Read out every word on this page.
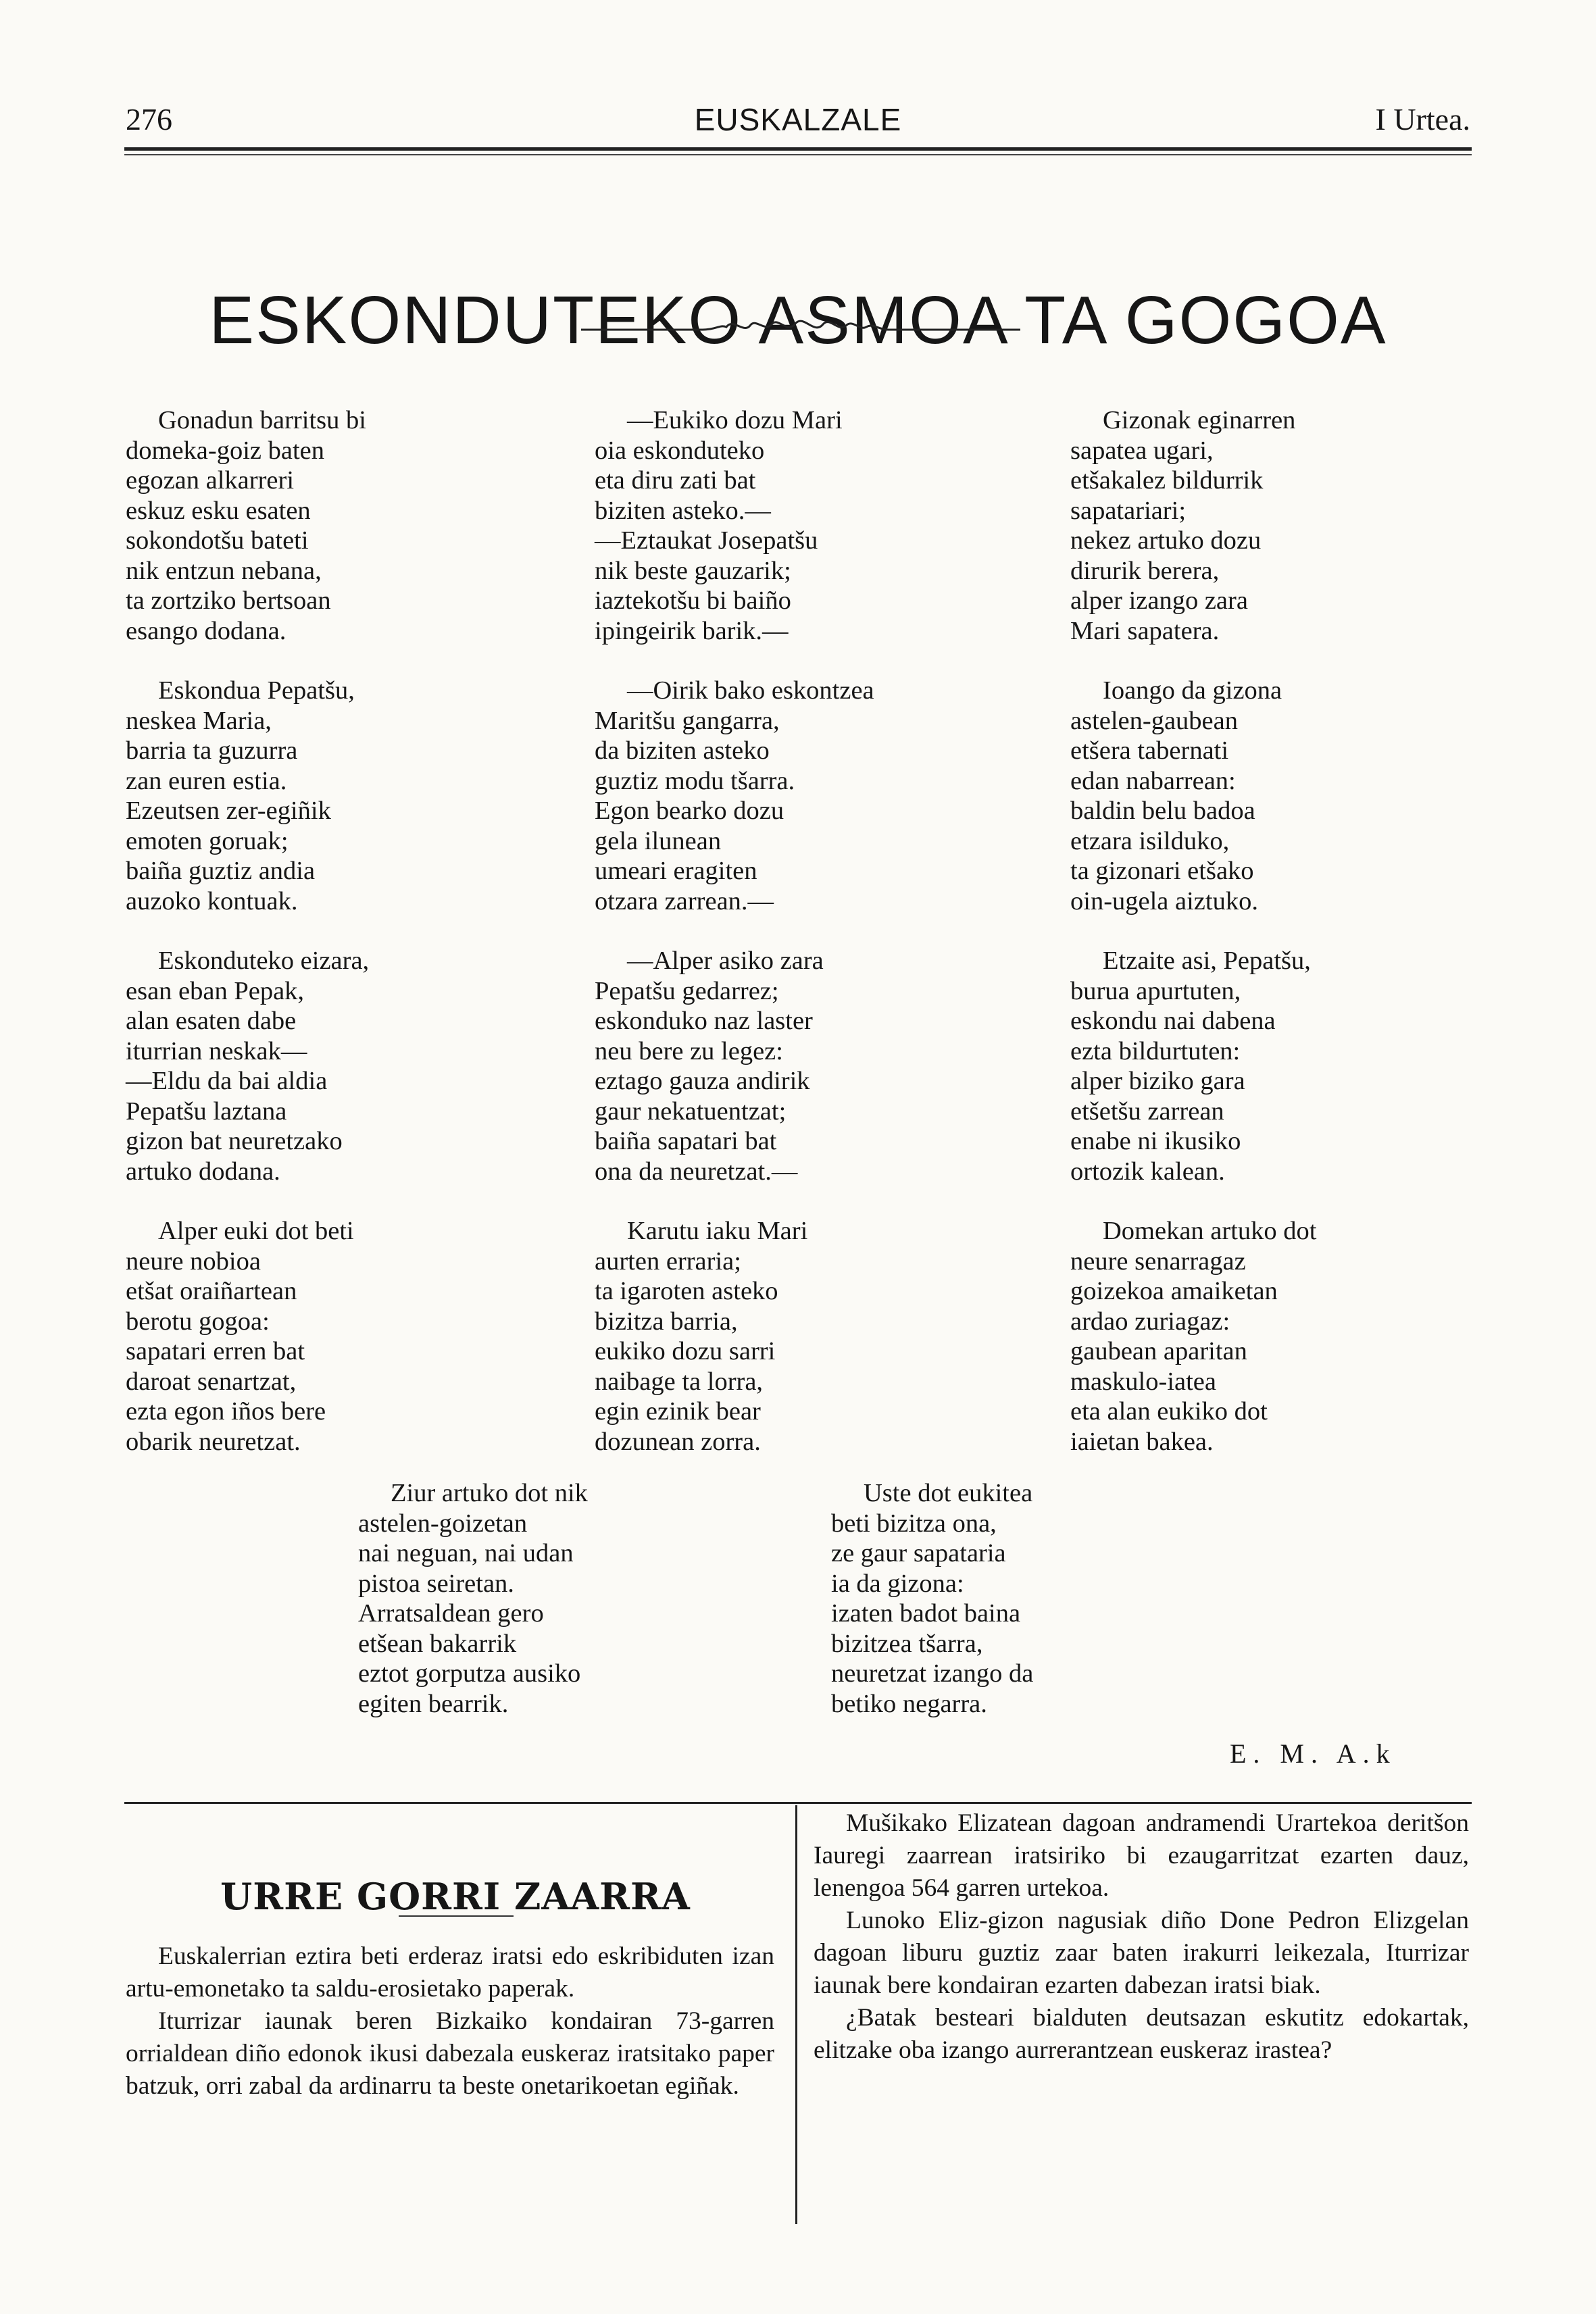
276	EUSKALZALE	I Urtea.
ESKONDUTEKO ASMOA TA GOGOA
Gonadun barritsu bi
domeka-goiz baten
egozan alkarreri
eskuz esku esaten
sokondotšu bateti
nik entzun nebana,
ta zortziko bertsoan
esango dodana.
Eskondua Pepatšu,
neskea Maria,
barria ta guzurra
zan euren estia.
Ezeutsen zer-egiñik
emoten goruak;
baiña guztiz andia
auzoko kontuak.
Eskonduteko eizara,
esan eban Pepak,
alan esaten dabe
iturrian neskak—
—Eldu da bai aldia
Pepatšu laztana
gizon bat neuretzako
artuko dodana.
Alper euki dot beti
neure nobioa
etšat oraiñartean
berotu gogoa:
sapatari erren bat
daroat senartzat,
ezta egon iños bere
obarik neuretzat.
—Eukiko dozu Mari
oia eskonduteko
eta diru zati bat
biziten asteko.—
—Eztaukat Josepatšu
nik beste gauzarik;
iaztekotšu bi baiño
ipingeirik barik.—
—Oirik bako eskontzea
Maritšu gangarra,
da biziten asteko
guztiz modu tšarra.
Egon bearko dozu
gela ilunean
umeari eragiten
otzara zarrean.—
—Alper asiko zara
Pepatšu gedarrez;
eskonduko naz laster
neu bere zu legez:
eztago gauza andirik
gaur nekatuentzat;
baiña sapatari bat
ona da neuretzat.—
Karutu iaku Mari
aurten erraria;
ta igaroten asteko
bizitza barria,
eukiko dozu sarri
naibage ta lorra,
egin ezinik bear
dozunean zorra.
Gizonak eginarren
sapatea ugari,
etšakalez bildurrik
sapatariari;
nekez artuko dozu
dirurik berera,
alper izango zara
Mari sapatera.
Ioango da gizona
astelen-gaubean
etšera tabernati
edan nabarrean:
baldin belu badoa
etzara isilduko,
ta gizonari etšako
oin-ugela aiztuko.
Etzaite asi, Pepatšu,
burua apurtuten,
eskondu nai dabena
ezta bildurtuten:
alper biziko gara
etšetšu zarrean
enabe ni ikusiko
ortozik kalean.
Domekan artuko dot
neure senarragaz
goizekoa amaiketan
ardao zuriagaz:
gaubean aparitan
maskulo-iatea
eta alan eukiko dot
iaietan bakea.
Ziur artuko dot nik
astelen-goizetan
nai neguan, nai udan
pistoa seiretan.
Arratsaldean gero
etšean bakarrik
eztot gorputza ausiko
egiten bearrik.
Uste dot eukitea
beti bizitza ona,
ze gaur sapataria
ia da gizona:
izaten badot baina
bizitzea tšarra,
neuretzat izango da
betiko negarra.
E. M. A.k
URRE GORRI ZAARRA

Euskalerrian eztira beti erderaz iratsi edo eskribiduten izan artu-emonetako ta saldu-erosietako paperak.

Iturrizar iaunak beren Bizkaiko kondairan 73-garren orrialdean diño edonok ikusi dabezala euskeraz iratsitako paper batzuk, orri zabal da ardinarru ta beste onetarikoetan egiñak.

Mušikako Elizatean dagoan andramendi Urartekoa deritšon Iauregi zaarrean iratsiriko bi ezaugarritzat ezarten dauz, lenengoa 564 garren urtekoa.

Lunoko Eliz-gizon nagusiak diño Done Pedron Elizgelan dagoan liburu guztiz zaar baten irakurri leikezala, Iturrizar iaunak bere kondairan ezarten dabezan iratsi biak.

¿Batak besteari bialduten deutsazan eskutitz edokartak, elitzake oba izango aurrerantzean euskeraz irastea?
